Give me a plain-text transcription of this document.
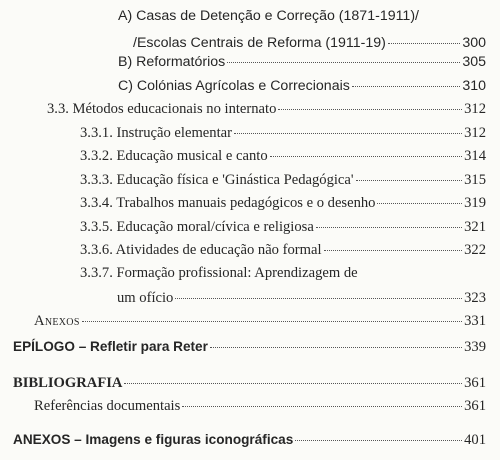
A) Casas de Detenção e Correção (1871-1911)/
/Escolas Centrais de Reforma (1911-19)	300
B) Reformatórios	305
C) Colónias Agrícolas e Correcionais	310
3.3. Métodos educacionais no internato	312
3.3.1. Instrução elementar	312
3.3.2. Educação musical e canto	314
3.3.3. Educação física e 'Ginástica Pedagógica'	315
3.3.4. Trabalhos manuais pedagógicos e o desenho	319
3.3.5. Educação moral/cívica e religiosa	321
3.3.6. Atividades de educação não formal	322
3.3.7. Formação profissional: Aprendizagem de
um ofício	323
Anexos	331
EPÍLOGO – Refletir para Reter	339
BIBLIOGRAFIA	361
Referências documentais	361
ANEXOS – Imagens e figuras iconográficas	401
